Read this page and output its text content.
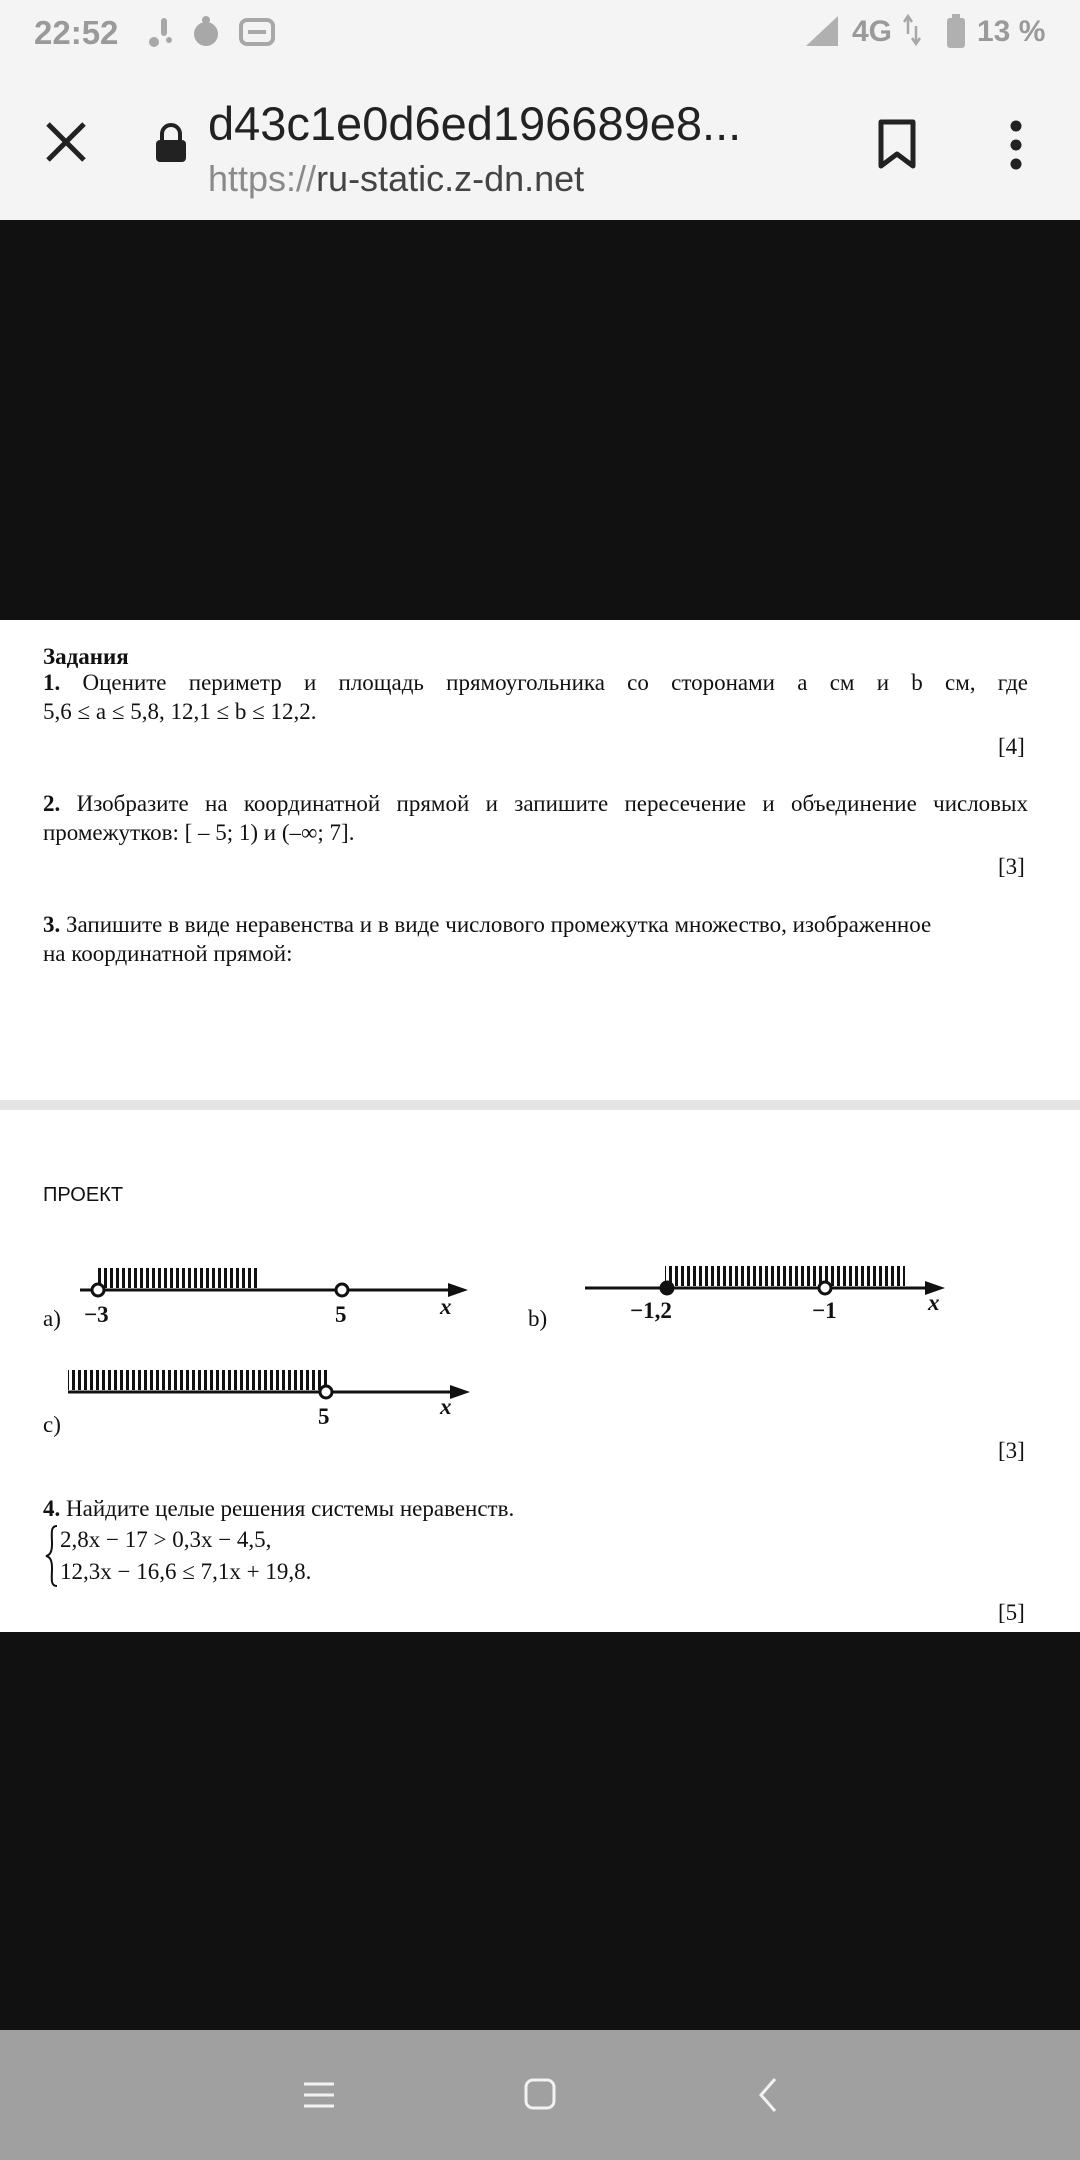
22:52	4G	13 %
d43c1e0d6ed196689e8...
https://ru-static.z-dn.net
Задания
1. Оцените периметр и площадь прямоугольника со сторонами a см и b см, где
5,6 ≤ a ≤ 5,8, 12,1 ≤ b ≤ 12,2.
[4]
2. Изобразите на координатной прямой и запишите пересечение и объединение числовых
промежутков: [ – 5; 1) и (–∞; 7].
[3]
3. Запишите в виде неравенства и в виде числового промежутка множество, изображенное
на координатной прямой:
ПРОЕКТ
−3	5	x
a)	−1,2	−1	x
b)
5	x
c)
[3]
4. Найдите целые решения системы неравенств.
2,8x − 17 > 0,3x − 4,5,
12,3x − 16,6 ≤ 7,1x + 19,8.
[5]
